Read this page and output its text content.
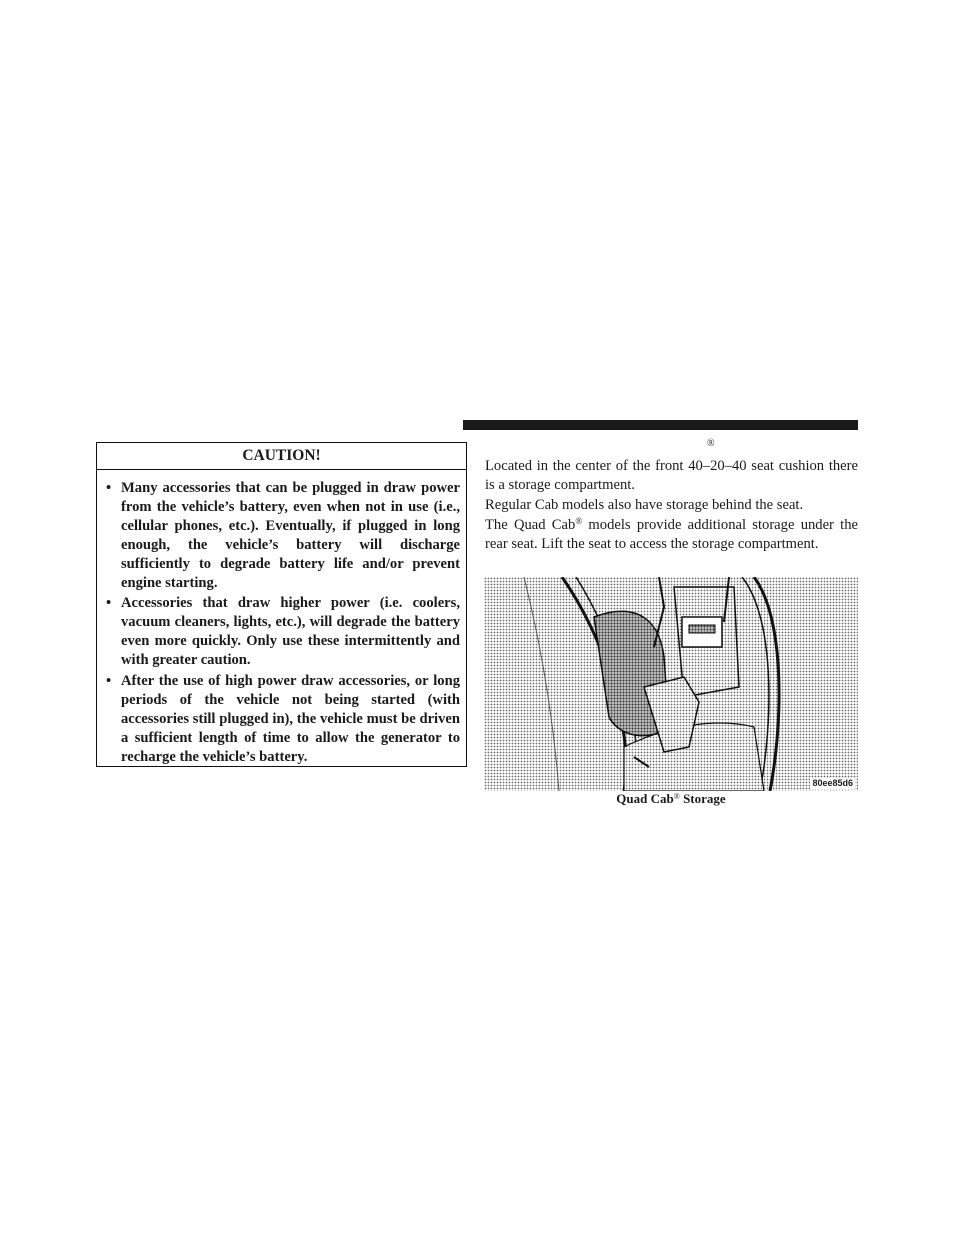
CAUTION!
• Many accessories that can be plugged in draw power from the vehicle’s battery, even when not in use (i.e., cellular phones, etc.). Eventually, if plugged in long enough, the vehicle’s battery will discharge sufficiently to degrade battery life and/or prevent engine starting.
• Accessories that draw higher power (i.e. coolers, vacuum cleaners, lights, etc.), will degrade the battery even more quickly. Only use these intermittently and with greater caution.
• After the use of high power draw accessories, or long periods of the vehicle not being started (with accessories still plugged in), the vehicle must be driven a sufficient length of time to allow the generator to recharge the vehicle’s battery.
®

Located in the center of the front 40–20–40 seat cushion there is a storage compartment.

Regular Cab models also have storage behind the seat.

The Quad Cab® models provide additional storage under the rear seat. Lift the seat to access the storage compartment.

80ee85d6
Quad Cab® Storage
